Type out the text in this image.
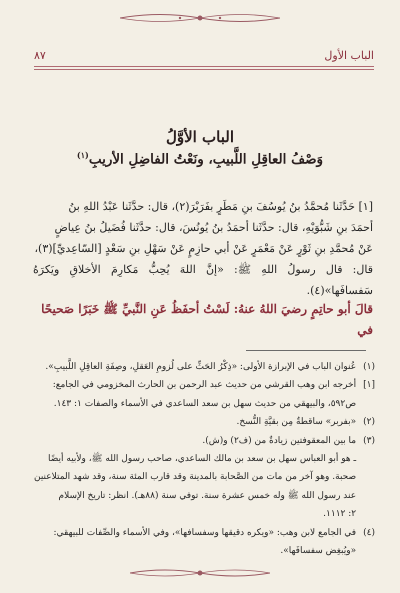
الباب الأول
٨٧
الباب الأوَّلُ
وَصْفُ العاقِلِ اللَّبيبِ، ونَعْتُ الفاضِلِ الأريبِ$^{(١)}$

[١] حَدَّثَنا مُحمَّدُ بنُ يُوسُفَ بنِ مَطَرٍ بفَرَبْرَ(٢)، قال: حدَّثَنا عَبْدُ اللهِ بنُ

أحمَدَ بنِ شَبُّوَيْهِ، قال: حدَّثَنا أحمَدُ بنُ يُونُسَ، قال: حدَّثَنا فُضَيلُ بنُ عِياضٍ

عَنْ مُحمَّدِ بنِ ثَوْرٍ عَنْ مَعْمَرٍ عَنْ أبي حازِمٍ عَنْ سَهْلِ بنِ سَعْدٍ [السّاعِديِّ](٣)،

قال: قال رسولُ اللهِ ﷺ: «إنَّ اللهَ يُحِبُّ مَكارِمَ الأخلاقِ ويَكرَهُ سَفسافَها»(٤).

قالَ أبو حاتِمٍ رضيَ اللهُ عنهُ: لَسْتُ أحفَظُ عَنِ النَّبيِّ ﷺ خَبَرًا صَحيحًا في

(١) عُنوان الباب في الإبرازة الأولى: «ذِكْرُ الحَثِّ على لُزومِ العَقلِ، وصِفَةِ العاقِلِ اللَّبيبِ».

[١] أخرجه ابن وهب القرشي من حديث عبد الرحمن بن الحارث المخزومي في الجامع:

ص٥٩٢، والبيهقي من حديث سهل بن سعد الساعدي في الأسماء والصفات ١: ١٤٣.

(٢) «بفربر» ساقطةٌ مِن بقيَّةِ النُّسخ.

(٣) ما بين المعقوفتين زيادةٌ من (ف٢) و(ش).

ـ هو أبو العباس سهل بن سعد بن مالك الساعدي، صاحب رسول الله ﷺ، ولأبيه أيضًا

صحبة. وهو آخر من مات من الصَّحابة بالمدينة وقد قارب المئة سنة، وقد شهد المتلاعنين

عند رسول الله ﷺ وله خمس عشرة سنة. توفي سنة (٨٨هـ). انظر: تاريخ الإسلام

٢: ١١١٢.

(٤) في الجامع لابن وهب: «ويكره دقيقها وسفسافها»، وفي الأسماء والصِّفات للبيهقي:

«ويُبغِض سفسافَها».
